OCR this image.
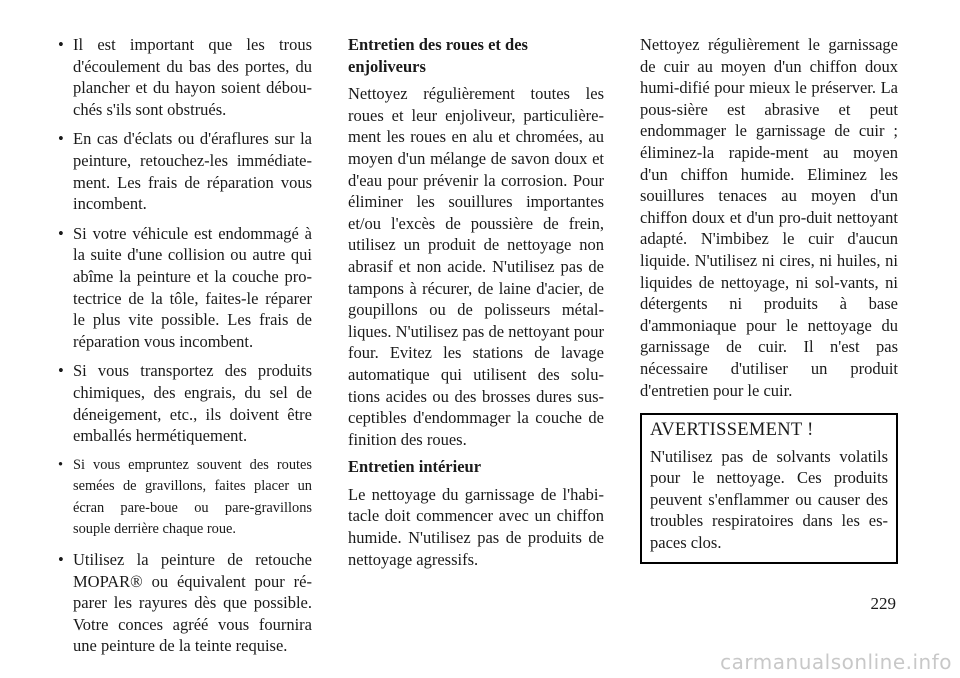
• Il est important que les trous d'écoulement du bas des portes, du plancher et du hayon soient débou-chés s'ils sont obstrués.
• En cas d'éclats ou d'éraflures sur la peinture, retouchez-les immédiate-ment. Les frais de réparation vous incombent.
• Si votre véhicule est endommagé à la suite d'une collision ou autre qui abîme la peinture et la couche pro-tectrice de la tôle, faites-le réparer le plus vite possible. Les frais de réparation vous incombent.
• Si vous transportez des produits chimiques, des engrais, du sel de déneigement, etc., ils doivent être emballés hermétiquement.
• Si vous empruntez souvent des routes semées de gravillons, faites placer un écran pare-boue ou pare-gravillons souple derrière chaque roue.
• Utilisez la peinture de retouche MOPAR® ou équivalent pour ré-parer les rayures dès que possible. Votre conces agréé vous fournira une peinture de la teinte requise.
Entretien des roues et des enjoliveurs

Nettoyez régulièrement toutes les roues et leur enjoliveur, particulière-ment les roues en alu et chromées, au moyen d'un mélange de savon doux et d'eau pour prévenir la corrosion. Pour éliminer les souillures importantes et/ou l'excès de poussière de frein, utilisez un produit de nettoyage non abrasif et non acide. N'utilisez pas de tampons à récurer, de laine d'acier, de goupillons ou de polisseurs métal-liques. N'utilisez pas de nettoyant pour four. Evitez les stations de lavage automatique qui utilisent des solu-tions acides ou des brosses dures sus-ceptibles d'endommager la couche de finition des roues.

Entretien intérieur

Le nettoyage du garnissage de l'habi-tacle doit commencer avec un chiffon humide. N'utilisez pas de produits de nettoyage agressifs.

Nettoyez régulièrement le garnissage de cuir au moyen d'un chiffon doux humi-difié pour mieux le préserver. La pous-sière est abrasive et peut endommager le garnissage de cuir ; éliminez-la rapide-ment au moyen d'un chiffon humide. Eliminez les souillures tenaces au moyen d'un chiffon doux et d'un pro-duit nettoyant adapté. N'imbibez le cuir d'aucun liquide. N'utilisez ni cires, ni huiles, ni liquides de nettoyage, ni sol-vants, ni détergents ni produits à base d'ammoniaque pour le nettoyage du garnissage de cuir. Il n'est pas nécessaire d'utiliser un produit d'entretien pour le cuir.

AVERTISSEMENT !

N'utilisez pas de solvants volatils pour le nettoyage. Ces produits peuvent s'enflammer ou causer des troubles respiratoires dans les es-paces clos.

229
carmanualsonline.info
